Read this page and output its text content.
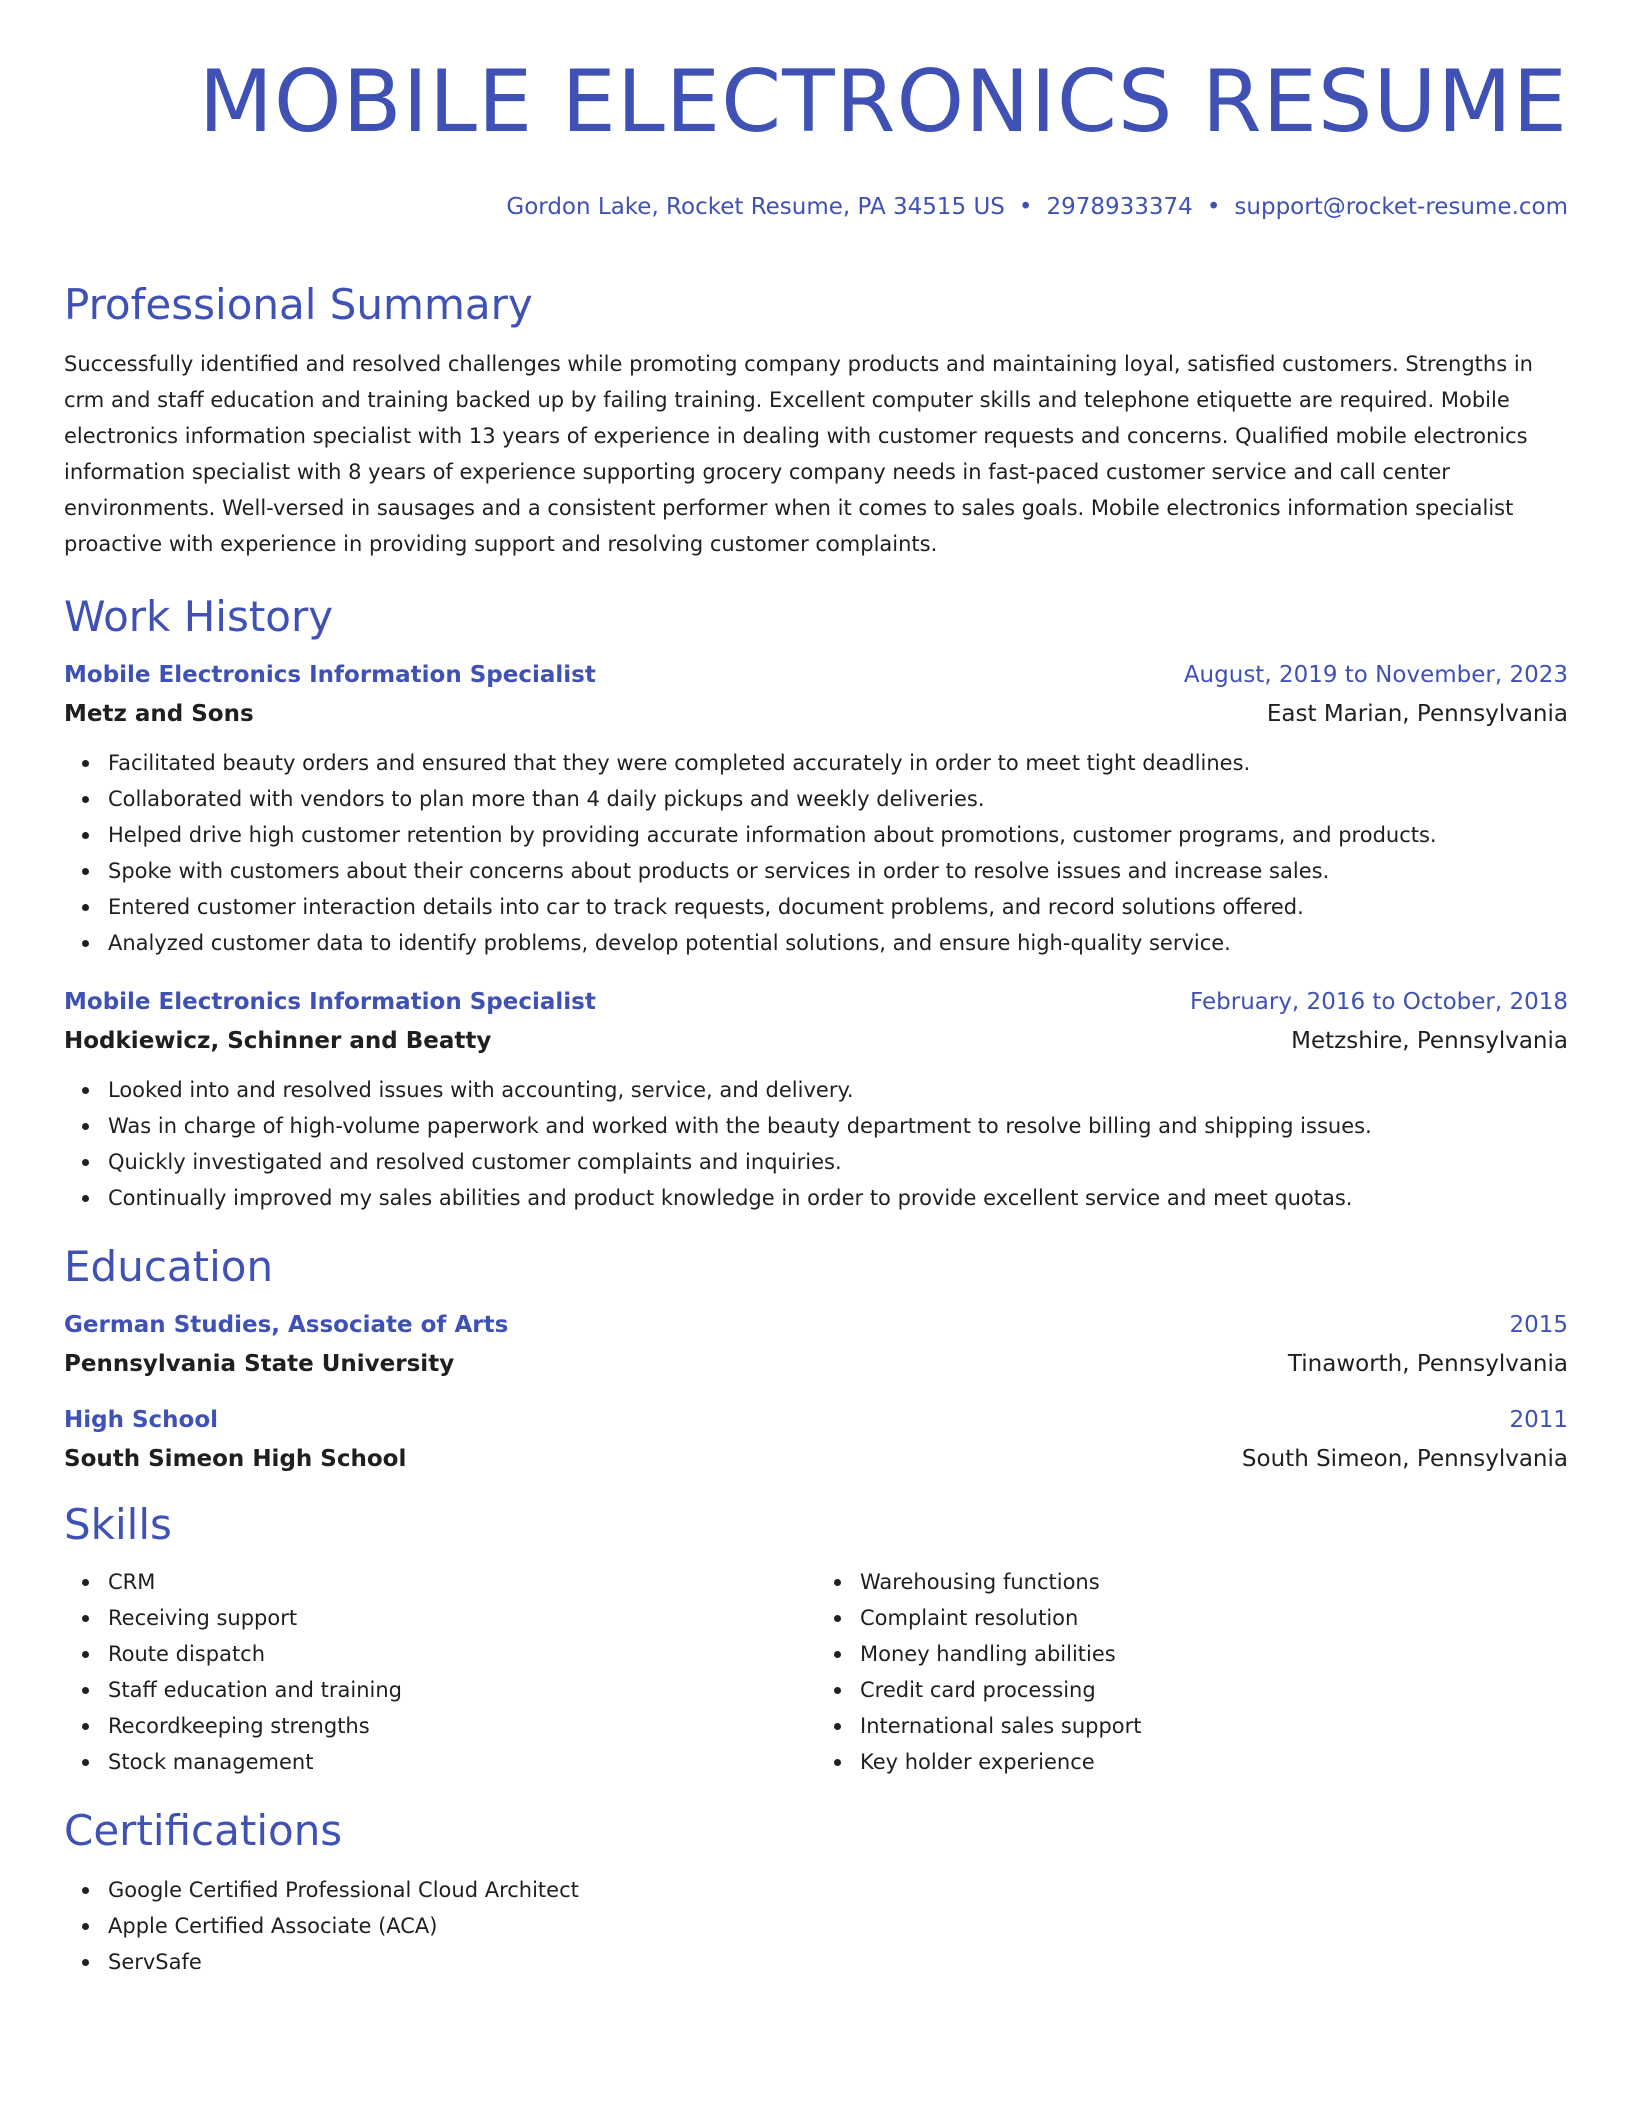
MOBILE ELECTRONICS RESUME
Gordon Lake, Rocket Resume, PA 34515 US • 2978933374 • support@rocket-resume.com
Professional Summary

Successfully identified and resolved challenges while promoting company products and maintaining loyal, satisfied customers. Strengths in crm and staff education and training backed up by failing training. Excellent computer skills and telephone etiquette are required. Mobile electronics information specialist with 13 years of experience in dealing with customer requests and concerns. Qualified mobile electronics information specialist with 8 years of experience supporting grocery company needs in fast-paced customer service and call center environments. Well-versed in sausages and a consistent performer when it comes to sales goals. Mobile electronics information specialist proactive with experience in providing support and resolving customer complaints.

Work History
Mobile Electronics Information Specialist	August, 2019 to November, 2023
Metz and Sons	East Marian, Pennsylvania
Facilitated beauty orders and ensured that they were completed accurately in order to meet tight deadlines.
Collaborated with vendors to plan more than 4 daily pickups and weekly deliveries.
Helped drive high customer retention by providing accurate information about promotions, customer programs, and products.
Spoke with customers about their concerns about products or services in order to resolve issues and increase sales.
Entered customer interaction details into car to track requests, document problems, and record solutions offered.
Analyzed customer data to identify problems, develop potential solutions, and ensure high-quality service.
Mobile Electronics Information Specialist	February, 2016 to October, 2018
Hodkiewicz, Schinner and Beatty	Metzshire, Pennsylvania
Looked into and resolved issues with accounting, service, and delivery.
Was in charge of high-volume paperwork and worked with the beauty department to resolve billing and shipping issues.
Quickly investigated and resolved customer complaints and inquiries.
Continually improved my sales abilities and product knowledge in order to provide excellent service and meet quotas.
Education
German Studies, Associate of Arts	2015
Pennsylvania State University	Tinaworth, Pennsylvania
High School	2011
South Simeon High School	South Simeon, Pennsylvania
Skills
CRM
Receiving support
Route dispatch
Staff education and training
Recordkeeping strengths
Stock management
Warehousing functions
Complaint resolution
Money handling abilities
Credit card processing
International sales support
Key holder experience
Certifications
Google Certified Professional Cloud Architect
Apple Certified Associate (ACA)
ServSafe
